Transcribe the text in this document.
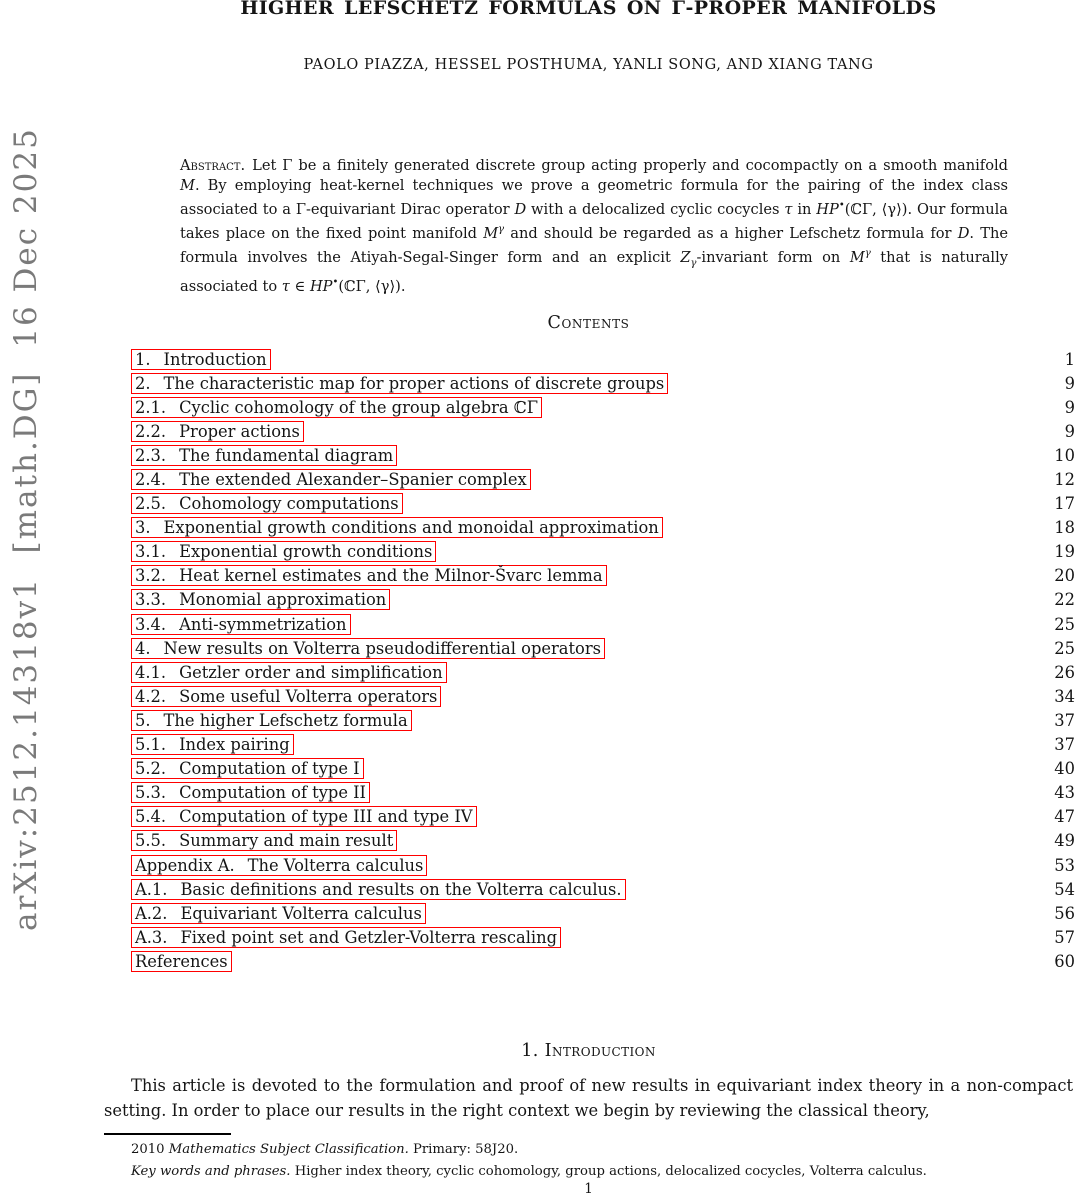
arXiv:2512.14318v1  [math.DG]  16 Dec 2025
HIGHER LEFSCHETZ FORMULAS ON Γ-PROPER MANIFOLDS
PAOLO PIAZZA, HESSEL POSTHUMA, YANLI SONG, AND XIANG TANG
Abstract. Let Γ be a finitely generated discrete group acting properly and cocompactly on a smooth manifold M. By employing heat-kernel techniques we prove a geometric formula for the pairing of the index class associated to a Γ-equivariant Dirac operator D with a delocalized cyclic cocycles τ in HP•(ℂΓ, ⟨γ⟩). Our formula takes place on the fixed point manifold $M^\gamma$ and should be regarded as a higher Lefschetz formula for D. The formula involves the Atiyah-Segal-Singer form and an explicit $Z_\gamma$-invariant form on $M^\gamma$ that is naturally associated to τ ∈ HP•(ℂΓ, ⟨γ⟩).
Contents
1. Introduction	1
2. The characteristic map for proper actions of discrete groups	9
2.1. Cyclic cohomology of the group algebra ℂΓ	9
2.2. Proper actions	9
2.3. The fundamental diagram	10
2.4. The extended Alexander–Spanier complex	12
2.5. Cohomology computations	17
3. Exponential growth conditions and monoidal approximation	18
3.1. Exponential growth conditions	19
3.2. Heat kernel estimates and the Milnor-Švarc lemma	20
3.3. Monomial approximation	22
3.4. Anti-symmetrization	25
4. New results on Volterra pseudodifferential operators	25
4.1. Getzler order and simplification	26
4.2. Some useful Volterra operators	34
5. The higher Lefschetz formula	37
5.1. Index pairing	37
5.2. Computation of type I	40
5.3. Computation of type II	43
5.4. Computation of type III and type IV	47
5.5. Summary and main result	49
Appendix A. The Volterra calculus	53
A.1. Basic definitions and results on the Volterra calculus.	54
A.2. Equivariant Volterra calculus	56
A.3. Fixed point set and Getzler-Volterra rescaling	57
References	60
1. Introduction

This article is devoted to the formulation and proof of new results in equivariant index theory in a non-compact setting. In order to place our results in the right context we begin by reviewing the classical theory,

2010 Mathematics Subject Classification. Primary: 58J20.

Key words and phrases. Higher index theory, cyclic cohomology, group actions, delocalized cocycles, Volterra calculus.

1
